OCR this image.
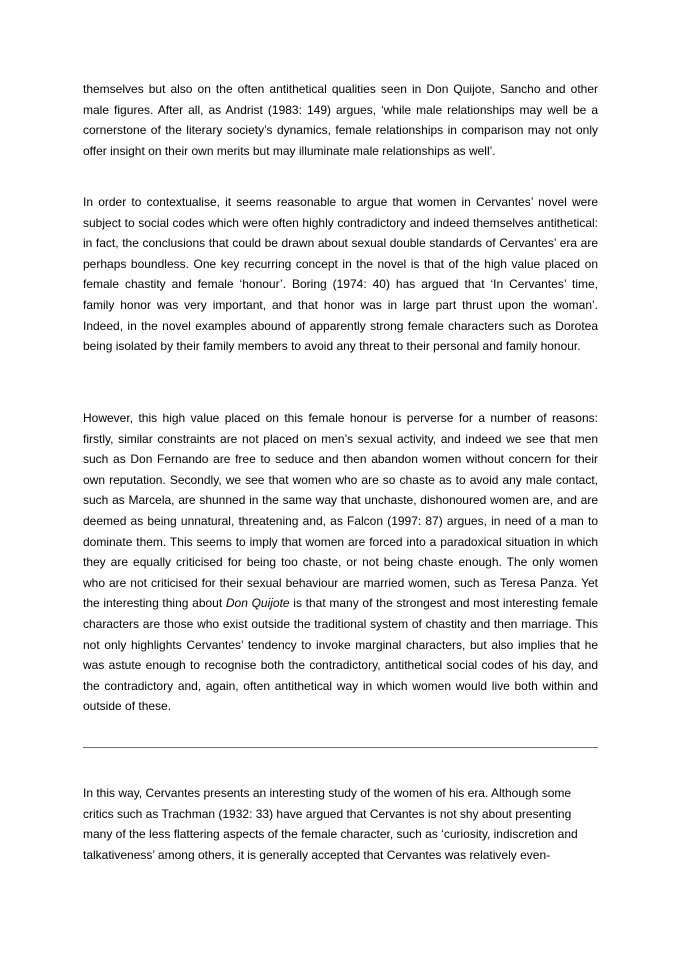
themselves but also on the often antithetical qualities seen in Don Quijote, Sancho and other male figures. After all, as Andrist (1983: 149) argues, ‘while male relationships may well be a cornerstone of the literary society’s dynamics, female relationships in comparison may not only offer insight on their own merits but may illuminate male relationships as well’.

In order to contextualise, it seems reasonable to argue that women in Cervantes’ novel were subject to social codes which were often highly contradictory and indeed themselves antithetical: in fact, the conclusions that could be drawn about sexual double standards of Cervantes’ era are perhaps boundless. One key recurring concept in the novel is that of the high value placed on female chastity and female ‘honour’. Boring (1974: 40) has argued that ‘In Cervantes’ time, family honor was very important, and that honor was in large part thrust upon the woman’. Indeed, in the novel examples abound of apparently strong female characters such as Dorotea being isolated by their family members to avoid any threat to their personal and family honour.

However, this high value placed on this female honour is perverse for a number of reasons: firstly, similar constraints are not placed on men’s sexual activity, and indeed we see that men such as Don Fernando are free to seduce and then abandon women without concern for their own reputation. Secondly, we see that women who are so chaste as to avoid any male contact, such as Marcela, are shunned in the same way that unchaste, dishonoured women are, and are deemed as being unnatural, threatening and, as Falcon (1997: 87) argues, in need of a man to dominate them. This seems to imply that women are forced into a paradoxical situation in which they are equally criticised for being too chaste, or not being chaste enough. The only women who are not criticised for their sexual behaviour are married women, such as Teresa Panza. Yet the interesting thing about Don Quijote is that many of the strongest and most interesting female characters are those who exist outside the traditional system of chastity and then marriage. This not only highlights Cervantes’ tendency to invoke marginal characters, but also implies that he was astute enough to recognise both the contradictory, antithetical social codes of his day, and the contradictory and, again, often antithetical way in which women would live both within and outside of these.

In this way, Cervantes presents an interesting study of the women of his era. Although some critics such as Trachman (1932: 33) have argued that Cervantes is not shy about presenting many of the less flattering aspects of the female character, such as ‘curiosity, indiscretion and talkativeness’ among others, it is generally accepted that Cervantes was relatively even-
